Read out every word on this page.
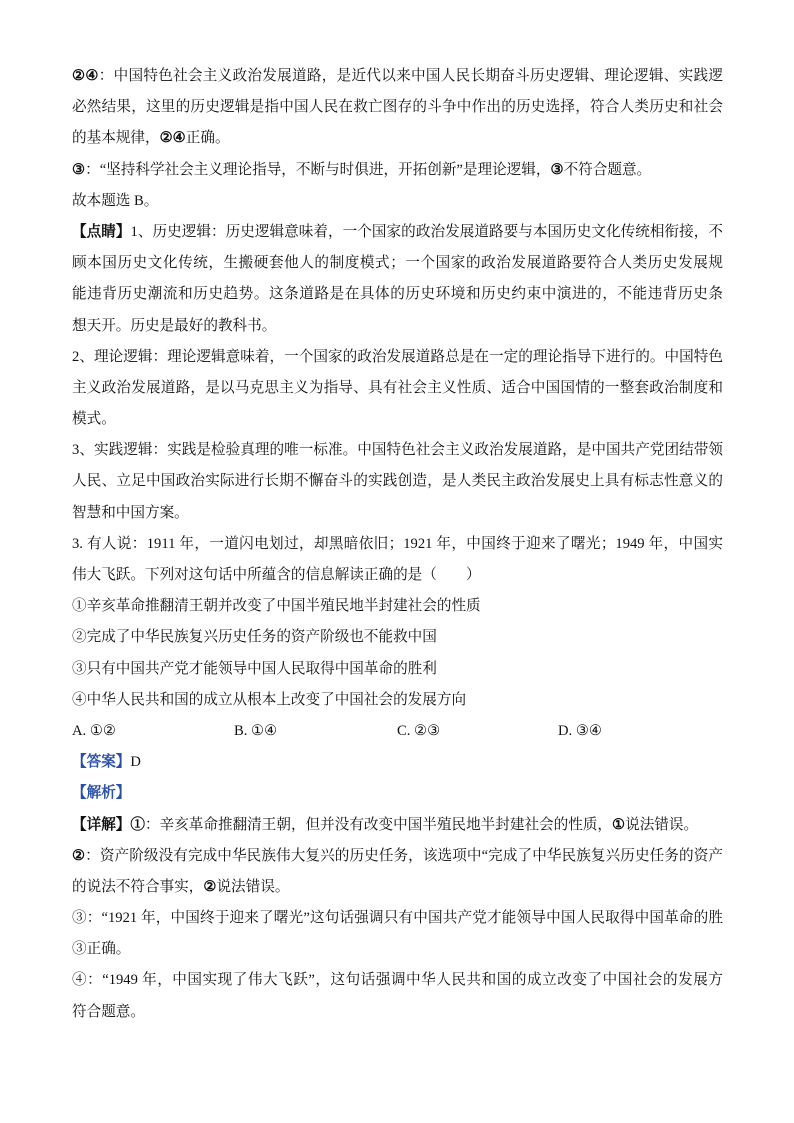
②④：中国特色社会主义政治发展道路，是近代以来中国人民长期奋斗历史逻辑、理论逻辑、实践逻
必然结果，这里的历史逻辑是指中国人民在救亡图存的斗争中作出的历史选择，符合人类历史和社会
的基本规律，②④正确。
③：“坚持科学社会主义理论指导，不断与时俱进，开拓创新”是理论逻辑，③不符合题意。
故本题选 B。
【点睛】1、历史逻辑：历史逻辑意味着，一个国家的政治发展道路要与本国历史文化传统相衔接，不
顾本国历史文化传统，生搬硬套他人的制度模式；一个国家的政治发展道路要符合人类历史发展规
能违背历史潮流和历史趋势。这条道路是在具体的历史环境和历史约束中演进的，不能违背历史条
想天开。历史是最好的教科书。
2、理论逻辑：理论逻辑意味着，一个国家的政治发展道路总是在一定的理论指导下进行的。中国特色
主义政治发展道路，是以马克思主义为指导、具有社会主义性质、适合中国国情的一整套政治制度和
模式。
3、实践逻辑：实践是检验真理的唯一标准。中国特色社会主义政治发展道路，是中国共产党团结带领
人民、立足中国政治实际进行长期不懈奋斗的实践创造，是人类民主政治发展史上具有标志性意义的
智慧和中国方案。
3. 有人说：1911 年，一道闪电划过，却黑暗依旧；1921 年，中国终于迎来了曙光；1949 年，中国实
伟大飞跃。下列对这句话中所蕴含的信息解读正确的是（　　）
①辛亥革命推翻清王朝并改变了中国半殖民地半封建社会的性质
②完成了中华民族复兴历史任务的资产阶级也不能救中国
③只有中国共产党才能领导中国人民取得中国革命的胜利
④中华人民共和国的成立从根本上改变了中国社会的发展方向
A. ①②	B. ①④	C. ②③	D. ③④
【答案】D
【解析】
【详解】①：辛亥革命推翻清王朝，但并没有改变中国半殖民地半封建社会的性质，①说法错误。
②：资产阶级没有完成中华民族伟大复兴的历史任务，该选项中“完成了中华民族复兴历史任务的资产
的说法不符合事实，②说法错误。
③：“1921 年，中国终于迎来了曙光”这句话强调只有中国共产党才能领导中国人民取得中国革命的胜
③正确。
④：“1949 年，中国实现了伟大飞跃”，这句话强调中华人民共和国的成立改变了中国社会的发展方
符合题意。
